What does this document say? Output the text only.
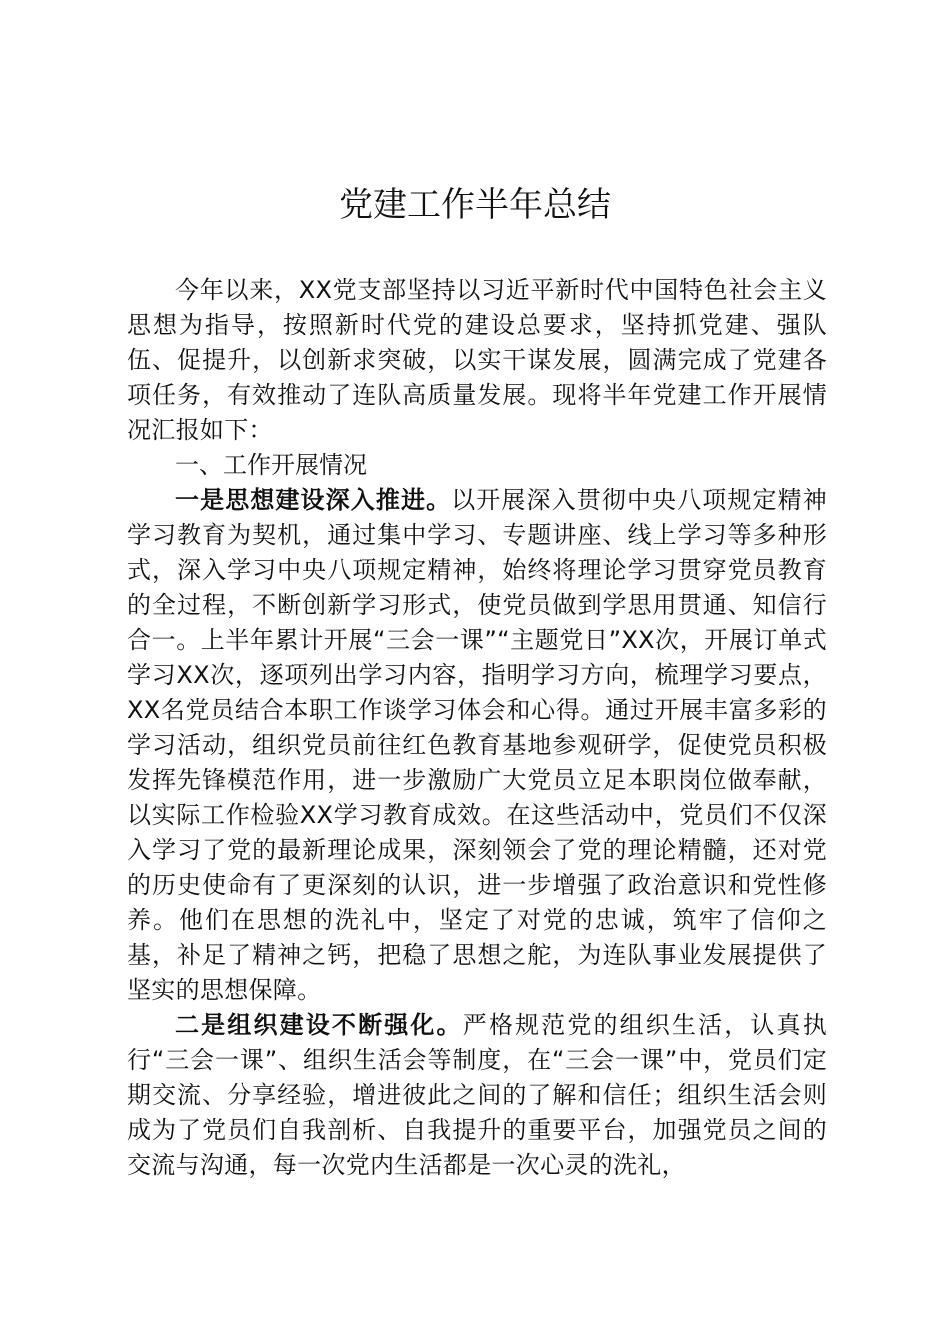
党建工作半年总结

今年以来，XX党支部坚持以习近平新时代中国特色社会主义思想为指导，按照新时代党的建设总要求，坚持抓党建、强队伍、促提升，以创新求突破，以实干谋发展，圆满完成了党建各项任务，有效推动了连队高质量发展。现将半年党建工作开展情况汇报如下：

一、工作开展情况

一是思想建设深入推进。以开展深入贯彻中央八项规定精神学习教育为契机，通过集中学习、专题讲座、线上学习等多种形式，深入学习中央八项规定精神，始终将理论学习贯穿党员教育的全过程，不断创新学习形式，使党员做到学思用贯通、知信行合一。上半年累计开展“三会一课”“主题党日”XX次，开展订单式学习XX次，逐项列出学习内容，指明学习方向，梳理学习要点，XX名党员结合本职工作谈学习体会和心得。通过开展丰富多彩的学习活动，组织党员前往红色教育基地参观研学，促使党员积极发挥先锋模范作用，进一步激励广大党员立足本职岗位做奉献，以实际工作检验XX学习教育成效。在这些活动中，党员们不仅深入学习了党的最新理论成果，深刻领会了党的理论精髓，还对党的历史使命有了更深刻的认识，进一步增强了政治意识和党性修养。他们在思想的洗礼中，坚定了对党的忠诚，筑牢了信仰之基，补足了精神之钙，把稳了思想之舵，为连队事业发展提供了坚实的思想保障。

二是组织建设不断强化。严格规范党的组织生活，认真执行“三会一课”、组织生活会等制度，在“三会一课”中，党员们定期交流、分享经验，增进彼此之间的了解和信任；组织生活会则成为了党员们自我剖析、自我提升的重要平台，加强党员之间的交流与沟通，每一次党内生活都是一次心灵的洗礼，
